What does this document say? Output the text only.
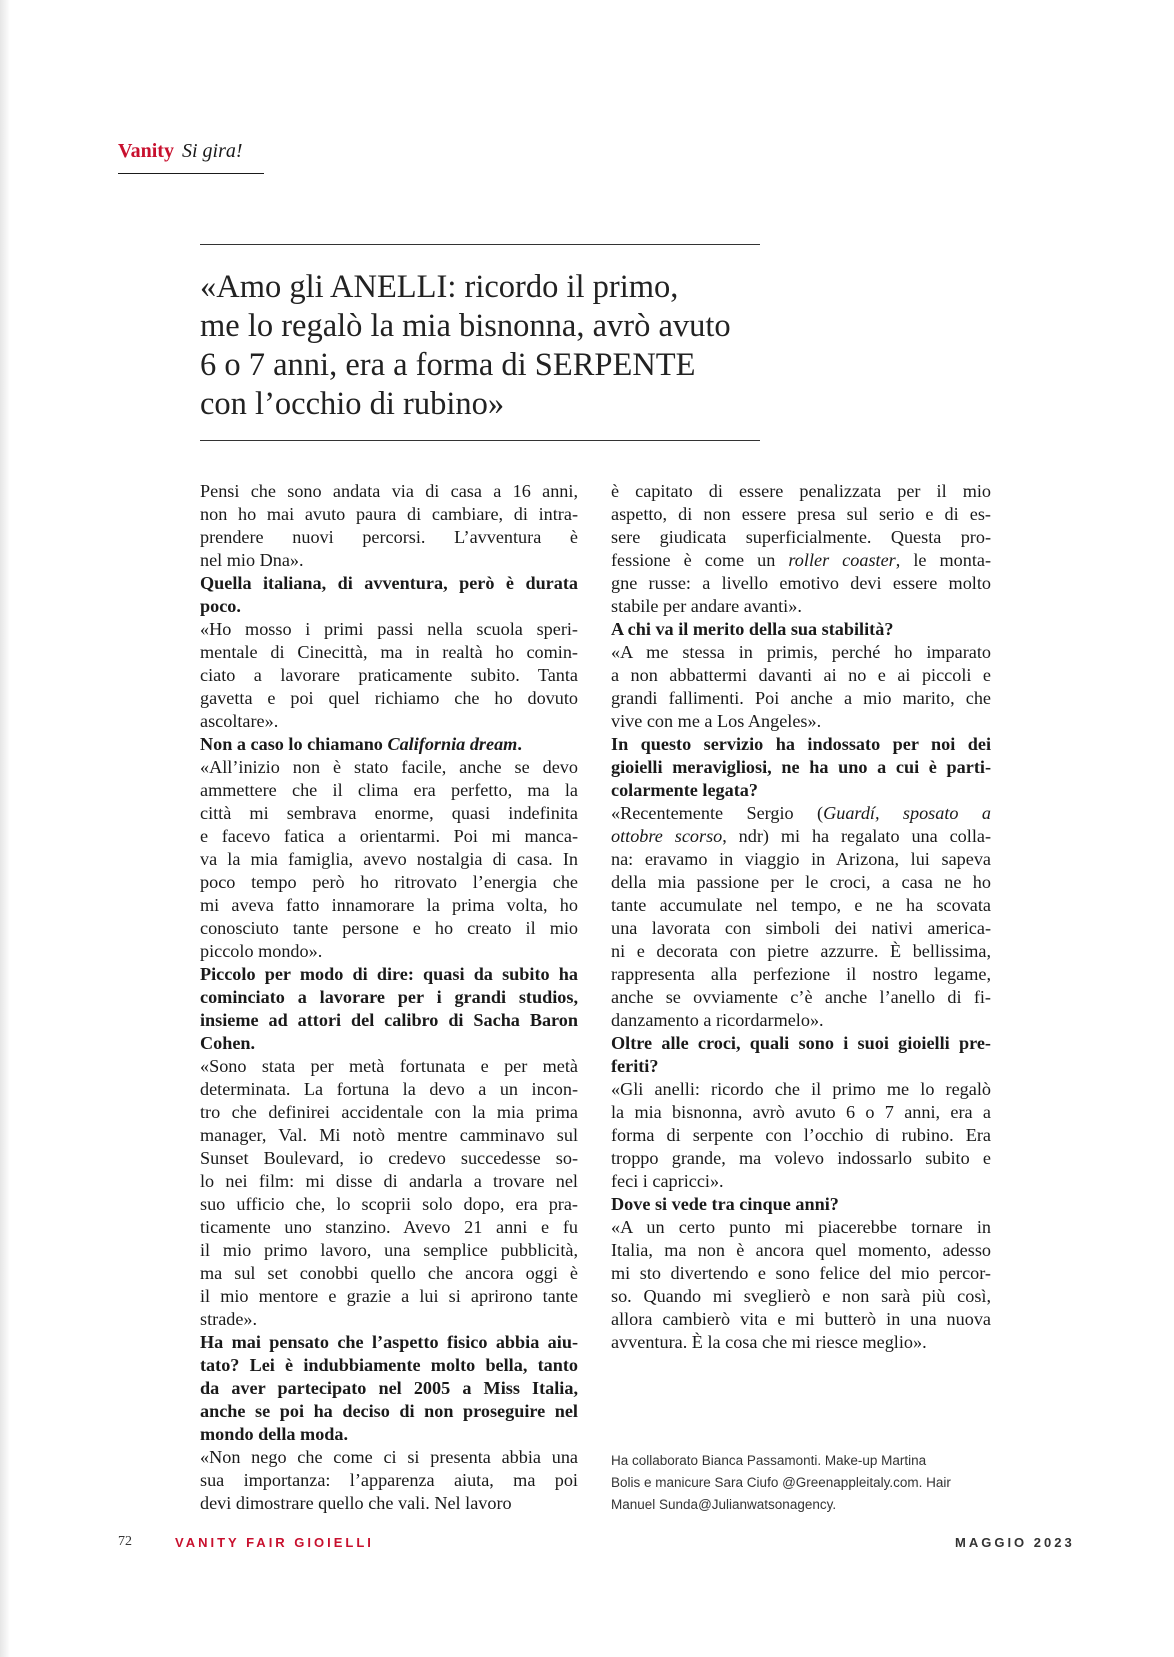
Vanity Si gira!

«Amo gli ANELLI: ricordo il primo,

me lo regalò la mia bisnonna, avrò avuto

6 o 7 anni, era a forma di SERPENTE

con l’occhio di rubino»

Pensi che sono andata via di casa a 16 anni,
non ho mai avuto paura di cambiare, di intra-
prendere nuovi percorsi. L’avventura è
nel mio Dna».

Quella italiana, di avventura, però è durata
poco.

«Ho mosso i primi passi nella scuola speri-
mentale di Cinecittà, ma in realtà ho comin-
ciato a lavorare praticamente subito. Tanta
gavetta e poi quel richiamo che ho dovuto
ascoltare».

Non a caso lo chiamano California dream.

«All’inizio non è stato facile, anche se devo
ammettere che il clima era perfetto, ma la
città mi sembrava enorme, quasi indefinita
e facevo fatica a orientarmi. Poi mi manca-
va la mia famiglia, avevo nostalgia di casa. In
poco tempo però ho ritrovato l’energia che
mi aveva fatto innamorare la prima volta, ho
conosciuto tante persone e ho creato il mio
piccolo mondo».

Piccolo per modo di dire: quasi da subito ha
cominciato a lavorare per i grandi studios,
insieme ad attori del calibro di Sacha Baron
Cohen.

«Sono stata per metà fortunata e per metà
determinata. La fortuna la devo a un incon-
tro che definirei accidentale con la mia prima
manager, Val. Mi notò mentre camminavo sul
Sunset Boulevard, io credevo succedesse so-
lo nei film: mi disse di andarla a trovare nel
suo ufficio che, lo scoprii solo dopo, era pra-
ticamente uno stanzino. Avevo 21 anni e fu
il mio primo lavoro, una semplice pubblicità,
ma sul set conobbi quello che ancora oggi è
il mio mentore e grazie a lui si aprirono tante
strade».

Ha mai pensato che l’aspetto fisico abbia aiu-
tato? Lei è indubbiamente molto bella, tanto
da aver partecipato nel 2005 a Miss Italia,
anche se poi ha deciso di non proseguire nel
mondo della moda.

«Non nego che come ci si presenta abbia una
sua importanza: l’apparenza aiuta, ma poi
devi dimostrare quello che vali. Nel lavoro

è capitato di essere penalizzata per il mio
aspetto, di non essere presa sul serio e di es-
sere giudicata superficialmente. Questa pro-
fessione è come un roller coaster, le monta-
gne russe: a livello emotivo devi essere molto
stabile per andare avanti».

A chi va il merito della sua stabilità?

«A me stessa in primis, perché ho imparato
a non abbattermi davanti ai no e ai piccoli e
grandi fallimenti. Poi anche a mio marito, che
vive con me a Los Angeles».

In questo servizio ha indossato per noi dei
gioielli meravigliosi, ne ha uno a cui è parti-
colarmente legata?

«Recentemente Sergio (Guardí, sposato a
ottobre scorso, ndr) mi ha regalato una colla-
na: eravamo in viaggio in Arizona, lui sapeva
della mia passione per le croci, a casa ne ho
tante accumulate nel tempo, e ne ha scovata
una lavorata con simboli dei nativi america-
ni e decorata con pietre azzurre. È bellissima,
rappresenta alla perfezione il nostro legame,
anche se ovviamente c’è anche l’anello di fi-
danzamento a ricordarmelo».

Oltre alle croci, quali sono i suoi gioielli pre-
feriti?

«Gli anelli: ricordo che il primo me lo regalò
la mia bisnonna, avrò avuto 6 o 7 anni, era a
forma di serpente con l’occhio di rubino. Era
troppo grande, ma volevo indossarlo subito e
feci i capricci».

Dove si vede tra cinque anni?

«A un certo punto mi piacerebbe tornare in
Italia, ma non è ancora quel momento, adesso
mi sto divertendo e sono felice del mio percor-
so. Quando mi sveglierò e non sarà più così,
allora cambierò vita e mi butterò in una nuova
avventura. È la cosa che mi riesce meglio».

Ha collaborato Bianca Passamonti. Make-up Martina
Bolis e manicure Sara Ciufo @Greenappleitaly.com. Hair
Manuel Sunda@Julianwatsonagency.
72	VANITY FAIR GIOIELLI	MAGGIO 2023
